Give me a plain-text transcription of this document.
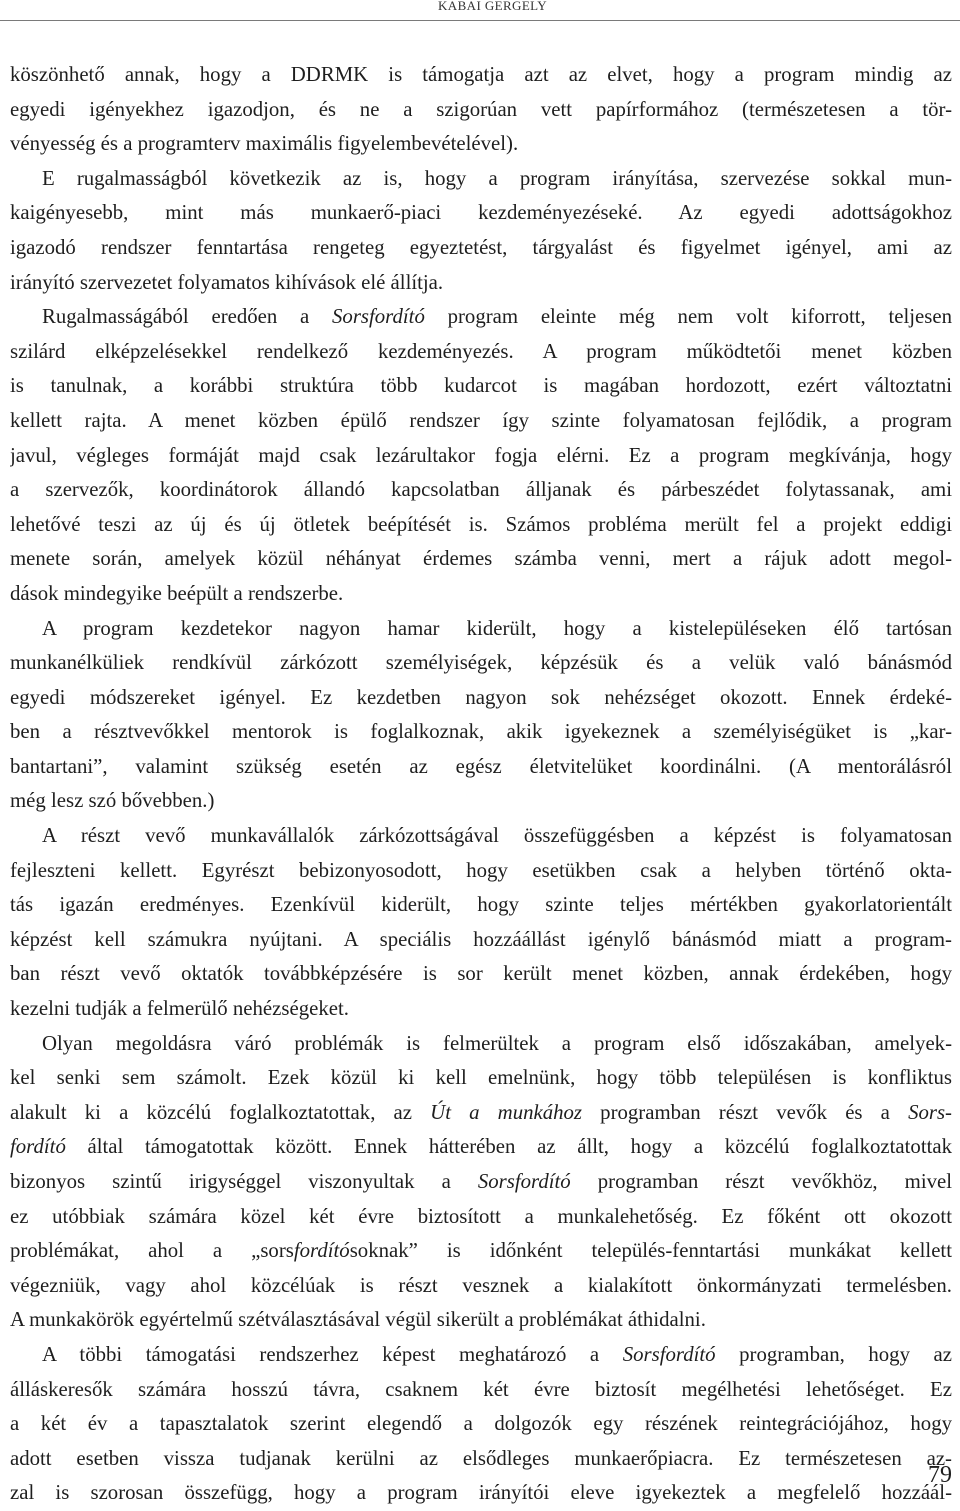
KABAI GERGELY
köszönhető annak, hogy a DDRMK is támogatja azt az elvet, hogy a program mindig az
egyedi igényekhez igazodjon, és ne a szigorúan vett papírformához (természetesen a tör-
vényesség és a programterv maximális figyelembevételével).
E rugalmasságból következik az is, hogy a program irányítása, szervezése sokkal mun-
kaigényesebb, mint más munkaerő-piaci kezdeményezéseké. Az egyedi adottságokhoz
igazodó rendszer fenntartása rengeteg egyeztetést, tárgyalást és figyelmet igényel, ami az
irányító szervezetet folyamatos kihívások elé állítja.
Rugalmasságából eredően a Sorsfordító program eleinte még nem volt kiforrott, teljesen
szilárd elképzelésekkel rendelkező kezdeményezés. A program működtetői menet közben
is tanulnak, a korábbi struktúra több kudarcot is magában hordozott, ezért változtatni
kellett rajta. A menet közben épülő rendszer így szinte folyamatosan fejlődik, a program
javul, végleges formáját majd csak lezárultakor fogja elérni. Ez a program megkívánja, hogy
a szervezők, koordinátorok állandó kapcsolatban álljanak és párbeszédet folytassanak, ami
lehetővé teszi az új és új ötletek beépítését is. Számos probléma merült fel a projekt eddigi
menete során, amelyek közül néhányat érdemes számba venni, mert a rájuk adott megol-
dások mindegyike beépült a rendszerbe.
A program kezdetekor nagyon hamar kiderült, hogy a kistelepüléseken élő tartósan
munkanélküliek rendkívül zárkózott személyiségek, képzésük és a velük való bánásmód
egyedi módszereket igényel. Ez kezdetben nagyon sok nehézséget okozott. Ennek érdeké-
ben a résztvevőkkel mentorok is foglalkoznak, akik igyekeznek a személyiségüket is „kar-
bantartani”, valamint szükség esetén az egész életvitelüket koordinálni. (A mentorálásról
még lesz szó bővebben.)
A részt vevő munkavállalók zárkózottságával összefüggésben a képzést is folyamatosan
fejleszteni kellett. Egyrészt bebizonyosodott, hogy esetükben csak a helyben történő okta-
tás igazán eredményes. Ezenkívül kiderült, hogy szinte teljes mértékben gyakorlatorientált
képzést kell számukra nyújtani. A speciális hozzáállást igénylő bánásmód miatt a program-
ban részt vevő oktatók továbbképzésére is sor került menet közben, annak érdekében, hogy
kezelni tudják a felmerülő nehézségeket.
Olyan megoldásra váró problémák is felmerültek a program első időszakában, amelyek-
kel senki sem számolt. Ezek közül ki kell emelnünk, hogy több településen is konfliktus
alakult ki a közcélú foglalkoztatottak, az Út a munkához programban részt vevők és a Sors-
fordító által támogatottak között. Ennek hátterében az állt, hogy a közcélú foglalkoztatottak
bizonyos szintű irigységgel viszonyultak a Sorsfordító programban részt vevőkhöz, mivel
ez utóbbiak számára közel két évre biztosított a munkalehetőség. Ez főként ott okozott
problémákat, ahol a „sorsfordítósoknak” is időnként település-fenntartási munkákat kellett
végezniük, vagy ahol közcélúak is részt vesznek a kialakított önkormányzati termelésben.
A munkakörök egyértelmű szétválasztásával végül sikerült a problémákat áthidalni.
A többi támogatási rendszerhez képest meghatározó a Sorsfordító programban, hogy az
álláskeresők számára hosszú távra, csaknem két évre biztosít megélhetési lehetőséget. Ez
a két év a tapasztalatok szerint elegendő a dolgozók egy részének reintegrációjához, hogy
adott esetben vissza tudjanak kerülni az elsődleges munkaerőpiacra. Ez természetesen az-
zal is szorosan összefügg, hogy a program irányítói eleve igyekeztek a megfelelő hozzáál-
79
